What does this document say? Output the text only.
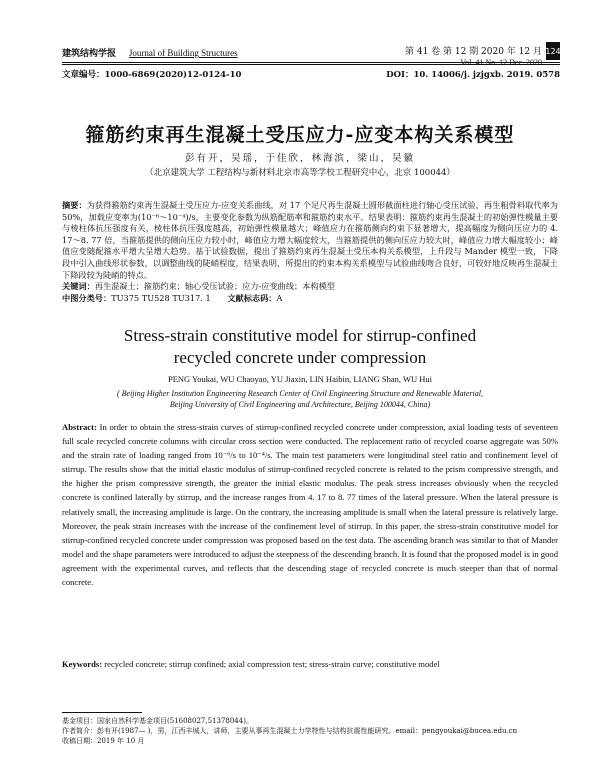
建筑结构学报 Journal of Building Structures	第 41 卷 第 12 期 2020 年 12 月
Vol. 41 No. 12 Dec. 2020
124
文章编号：1000-6869(2020)12-0124-10	DOI：10. 14006/j. jzjgxb. 2019. 0578
箍筋约束再生混凝土受压应力-应变本构关系模型
彭有开，吴瑶，于佳欣，林海滨，梁山，吴徽
（北京建筑大学 工程结构与新材料北京市高等学校工程研究中心，北京 100044）
摘要：为获得箍筋约束再生混凝土受压应力-应变关系曲线，对 17 个足尺再生混凝土圆形截面柱进行轴心受压试验，再生粗骨料取代率为 50%，加载应变率为(10⁻⁶～10⁻⁴)/s，主要变化参数为纵筋配筋率和箍筋约束水平。结果表明：箍筋约束再生混凝土的初始弹性模量主要与棱柱体抗压强度有关，棱柱体抗压强度越高，初始弹性模量越大；峰值应力在箍筋侧向约束下显著增大，提高幅度为侧向压应力的 4. 17～8. 77 倍，当箍筋提供的侧向压应力较小时，峰值应力增大幅度较大，当箍筋提供的侧向压应力较大时，峰值应力增大幅度较小；峰值应变随配箍水平增大呈增大趋势。基于试验数据，提出了箍筋约束再生混凝土受压本构关系模型，上升段与 Mander 模型一致，下降段中引入曲线形状参数，以调整曲线的陡峭程度，结果表明，所提出的约束本构关系模型与试验曲线吻合良好，可较好地反映再生混凝土下降段较为陡峭的特点。
关键词：再生混凝土；箍筋约束；轴心受压试验；应力-应变曲线；本构模型
中图分类号：TU375 TU528 TU317. 1 文献标志码：A
Stress-strain constitutive model for stirrup-confined
recycled concrete under compression
PENG Youkai, WU Chaoyao, YU Jiaxin, LIN Haibin, LIANG Shan, WU Hui
( Beijing Higher Institution Engineering Research Center of Civil Engineering Structure and Renewable Material,
Beijing University of Civil Engineering and Architecture, Beijing 100044, China)
Abstract: In order to obtain the stress-strain curves of stirrup-confined recycled concrete under compression, axial loading tests of seventeen full scale recycled concrete columns with circular cross section were conducted. The replacement ratio of recycled coarse aggregate was 50% and the strain rate of loading ranged from 10⁻⁶/s to 10⁻⁴/s. The main test parameters were longitudinal steel ratio and confinement level of stirrup. The results show that the initial elastic modulus of stirrup-confined recycled concrete is related to the prism compressive strength, and the higher the prism compressive strength, the greater the initial elastic modulus. The peak stress increases obviously when the recycled concrete is confined laterally by stirrup, and the increase ranges from 4. 17 to 8. 77 times of the lateral pressure. When the lateral pressure is relatively small, the increasing amplitude is large. On the contrary, the increasing amplitude is small when the lateral pressure is relatively large. Moreover, the peak strain increases with the increase of the confinement level of stirrup. In this paper, the stress-strain constitutive model for stirrup-confined recycled concrete under compression was proposed based on the test data. The ascending branch was similar to that of Mander model and the shape parameters were introduced to adjust the steepness of the descending branch. It is found that the proposed model is in good agreement with the experimental curves, and reflects that the descending stage of recycled concrete is much steeper than that of normal concrete.
Keywords: recycled concrete; stirrup confined; axial compression test; stress-strain curve; constitutive model
基金项目：国家自然科学基金项目(51608027,51378044)。
作者简介：彭有开(1987— )，男，江西丰城人，讲师，主要从事再生混凝土力学特性与结构抗震性能研究。email：pengyoukai@bucea.edu.cn
收稿日期：2019 年 10 月
